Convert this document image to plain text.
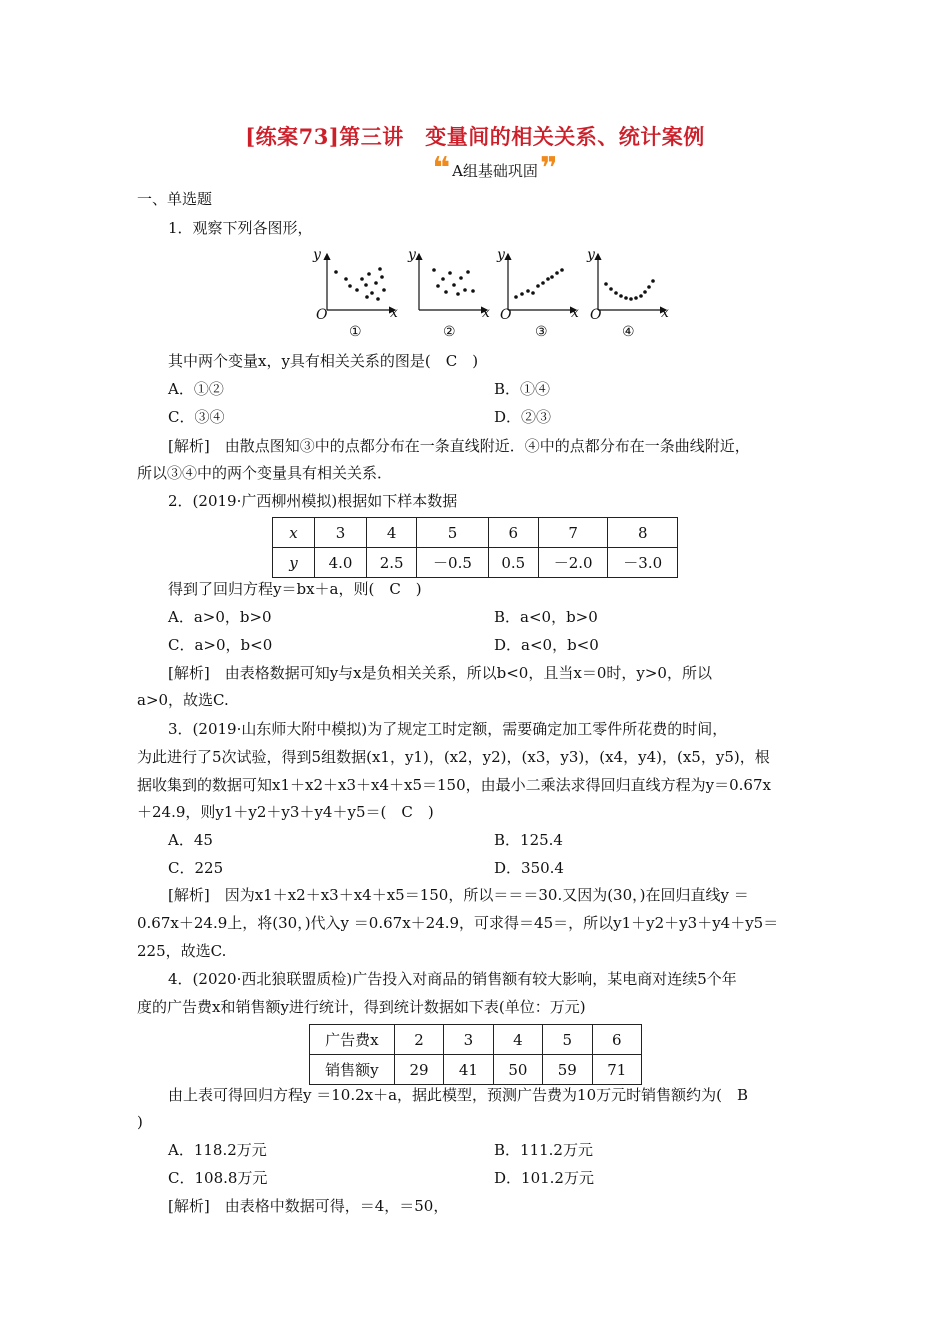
[练案73]第三讲　变量间的相关关系、统计案例
❝ A组基础巩固 ❞
一、单选题
1．观察下列各图形，
y
x
O
y
x
y
x
O
y
x
O
①	②	③	④
其中两个变量x，y具有相关关系的图是(　C　)
A．①②	B．①④
C．③④	D．②③
[解析]　由散点图知③中的点都分布在一条直线附近．④中的点都分布在一条曲线附近，
所以③④中的两个变量具有相关关系．
2．(2019·广西柳州模拟)根据如下样本数据
x	3	4	5	6	7	8
y	4.0	2.5	－0.5	0.5	－2.0	－3.0
得到了回归方程y＝bx＋a，则(　C　)
A．a>0，b>0	B．a<0，b>0
C．a>0，b<0	D．a<0，b<0
[解析]　由表格数据可知y与x是负相关关系，所以b<0，且当x＝0时，y>0，所以
a>0，故选C.
3．(2019·山东师大附中模拟)为了规定工时定额，需要确定加工零件所花费的时间，
为此进行了5次试验，得到5组数据(x1，y1)，(x2，y2)，(x3，y3)，(x4，y4)，(x5，y5)，根
据收集到的数据可知x1＋x2＋x3＋x4＋x5＝150，由最小二乘法求得回归直线方程为y＝0.67x
＋24.9，则y1＋y2＋y3＋y4＋y5＝(　C　)
A．45	B．125.4
C．225	D．350.4
[解析]　因为x1＋x2＋x3＋x4＋x5＝150，所以＝＝＝30.又因为(30，)在回归直线y ＝
0.67x＋24.9上，将(30，)代入y ＝0.67x＋24.9，可求得＝45＝，所以y1＋y2＋y3＋y4＋y5＝
225，故选C.
4．(2020·西北狼联盟质检)广告投入对商品的销售额有较大影响，某电商对连续5个年
度的广告费x和销售额y进行统计，得到统计数据如下表(单位：万元)
广告费x	2	3	4	5	6
销售额y	29	41	50	59	71
由上表可得回归方程y ＝10.2x＋a，据此模型，预测广告费为10万元时销售额约为(　B
)
A．118.2万元	B．111.2万元
C．108.8万元	D．101.2万元
[解析]　由表格中数据可得，＝4，＝50，
